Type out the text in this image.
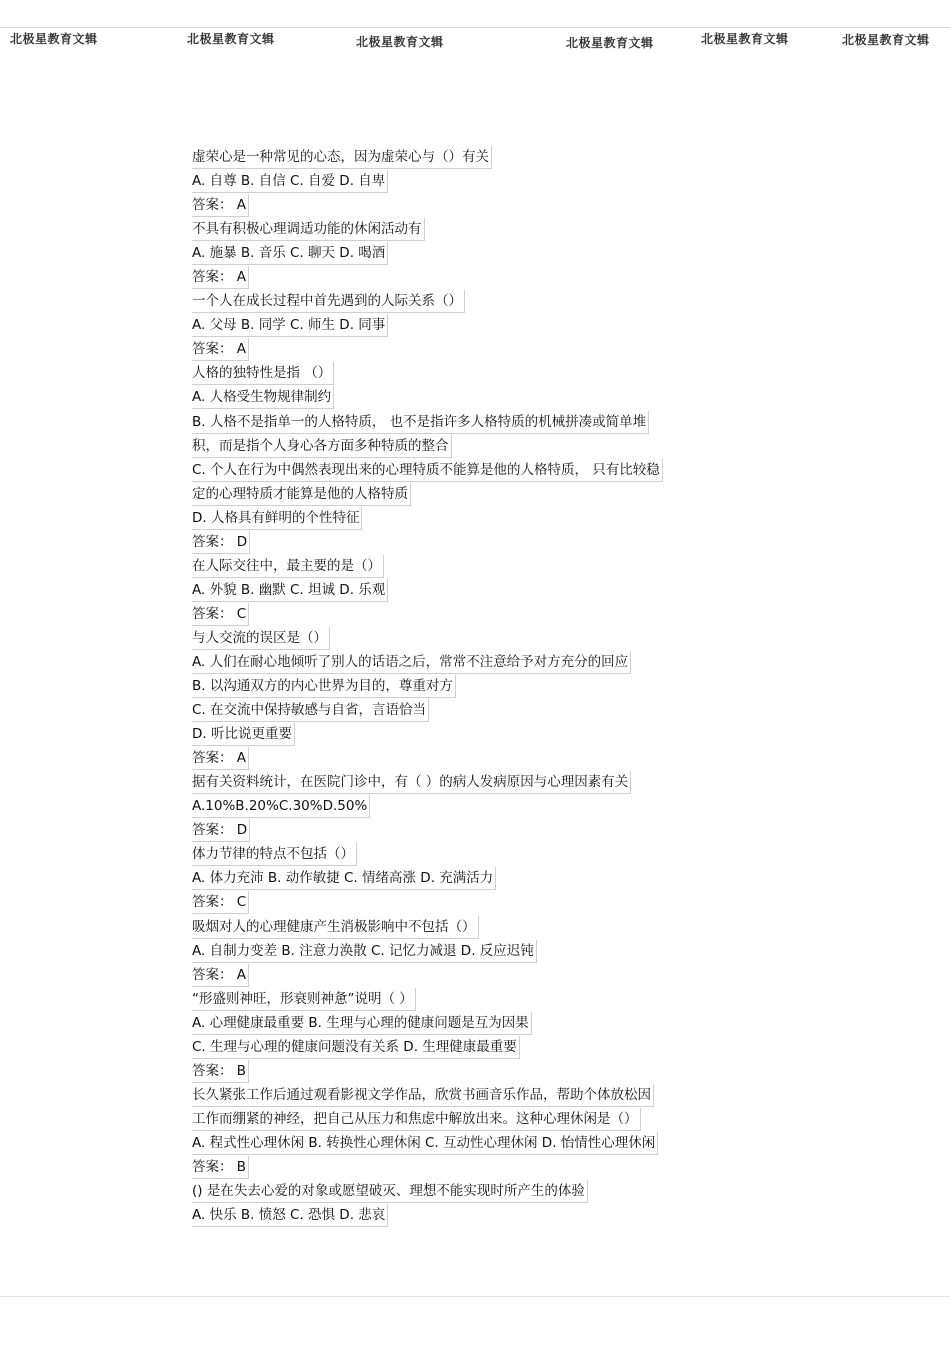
北极星教育文辑	北极星教育文辑	北极星教育文辑	北极星教育文辑	北极星教育文辑	北极星教育文辑
虚荣心是一种常见的心态，因为虚荣心与（）有关
A. 自尊 B. 自信 C. 自爱 D. 自卑
答案： A
不具有积极心理调适功能的休闲活动有
A. 施暴 B. 音乐 C. 聊天 D. 喝酒
答案： A
一个人在成长过程中首先遇到的人际关系（）
A. 父母 B. 同学 C. 师生 D. 同事
答案： A
人格的独特性是指 （）
A. 人格受生物规律制约
B. 人格不是指单一的人格特质， 也不是指许多人格特质的机械拼凑或简单堆
积，而是指个人身心各方面多种特质的整合
C. 个人在行为中偶然表现出来的心理特质不能算是他的人格特质， 只有比较稳
定的心理特质才能算是他的人格特质
D. 人格具有鲜明的个性特征
答案： D
在人际交往中，最主要的是（）
A. 外貌 B. 幽默 C. 坦诚 D. 乐观
答案： C
与人交流的误区是（）
A. 人们在耐心地倾听了别人的话语之后，常常不注意给予对方充分的回应
B. 以沟通双方的内心世界为目的，尊重对方
C. 在交流中保持敏感与自省，言语恰当
D. 听比说更重要
答案： A
据有关资料统计，在医院门诊中，有（ ）的病人发病原因与心理因素有关
A.10%B.20%C.30%D.50%
答案： D
体力节律的特点不包括（）
A. 体力充沛 B. 动作敏捷 C. 情绪高涨 D. 充满活力
答案： C
吸烟对人的心理健康产生消极影响中不包括（）
A. 自制力变差 B. 注意力涣散 C. 记忆力减退 D. 反应迟钝
答案： A
“形盛则神旺，形衰则神惫”说明（ ）
A. 心理健康最重要 B. 生理与心理的健康问题是互为因果
C. 生理与心理的健康问题没有关系 D. 生理健康最重要
答案： B
长久紧张工作后通过观看影视文学作品，欣赏书画音乐作品，帮助个体放松因
工作而绷紧的神经，把自己从压力和焦虑中解放出来。这种心理休闲是（）
A. 程式性心理休闲 B. 转换性心理休闲 C. 互动性心理休闲 D. 怡情性心理休闲
答案： B
() 是在失去心爱的对象或愿望破灭、理想不能实现时所产生的体验
A. 快乐 B. 愤怒 C. 恐惧 D. 悲哀
